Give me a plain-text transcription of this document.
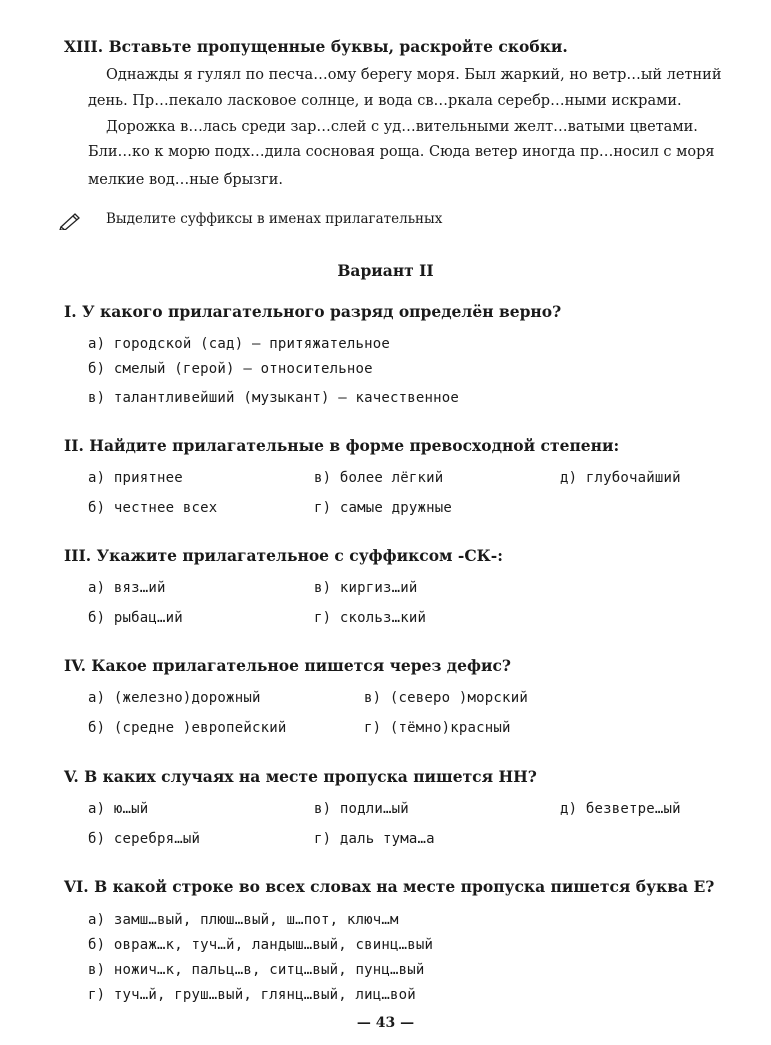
XIII. Вставьте пропущенные буквы, раскройте скобки.
Однажды я гулял по песча…ому берегу моря. Был жаркий, но ветр…ый летний
день. Пр…пекало ласковое солнце, и вода св…ркала серебр…ными искрами.
Дорожка в…лась среди зар…слей с уд…вительными желт…ватыми цветами.
Бли…ко к морю подх…дила сосновая роща. Сюда ветер иногда пр…носил с моря
мелкие вод…ные брызги.
Выделите суффиксы в именах прилагательных
Вариант II
I. У какого прилагательного разряд определён верно?
а) городской (сад) – притяжательное
б) смелый (герой) – относительное
в) талантливейший (музыкант) – качественное
II. Найдите прилагательные в форме превосходной степени:
а) приятнее	в) более лёгкий	д) глубочайший
б) честнее всех	г) самые дружные
III. Укажите прилагательное с суффиксом -СК-:
а) вяз…ий	в) киргиз…ий
б) рыбац…ий	г) скольз…кий
IV. Какое прилагательное пишется через дефис?
а) (железно)дорожный	в) (северо )морский
б) (средне )европейский	г) (тёмно)красный
V. В каких случаях на месте пропуска пишется НН?
а) ю…ый	в) подли…ый	д) безветре…ый
б) серебря…ый	г) даль тума…а
VI. В какой строке во всех словах на месте пропуска пишется буква Е?
а) замш…вый, плюш…вый, ш…пот, ключ…м
б) овраж…к, туч…й, ландыш…вый, свинц…вый
в) ножич…к, пальц…в, ситц…вый, пунц…вый
г) туч…й, груш…вый, глянц…вый, лиц…вой
— 43 —
